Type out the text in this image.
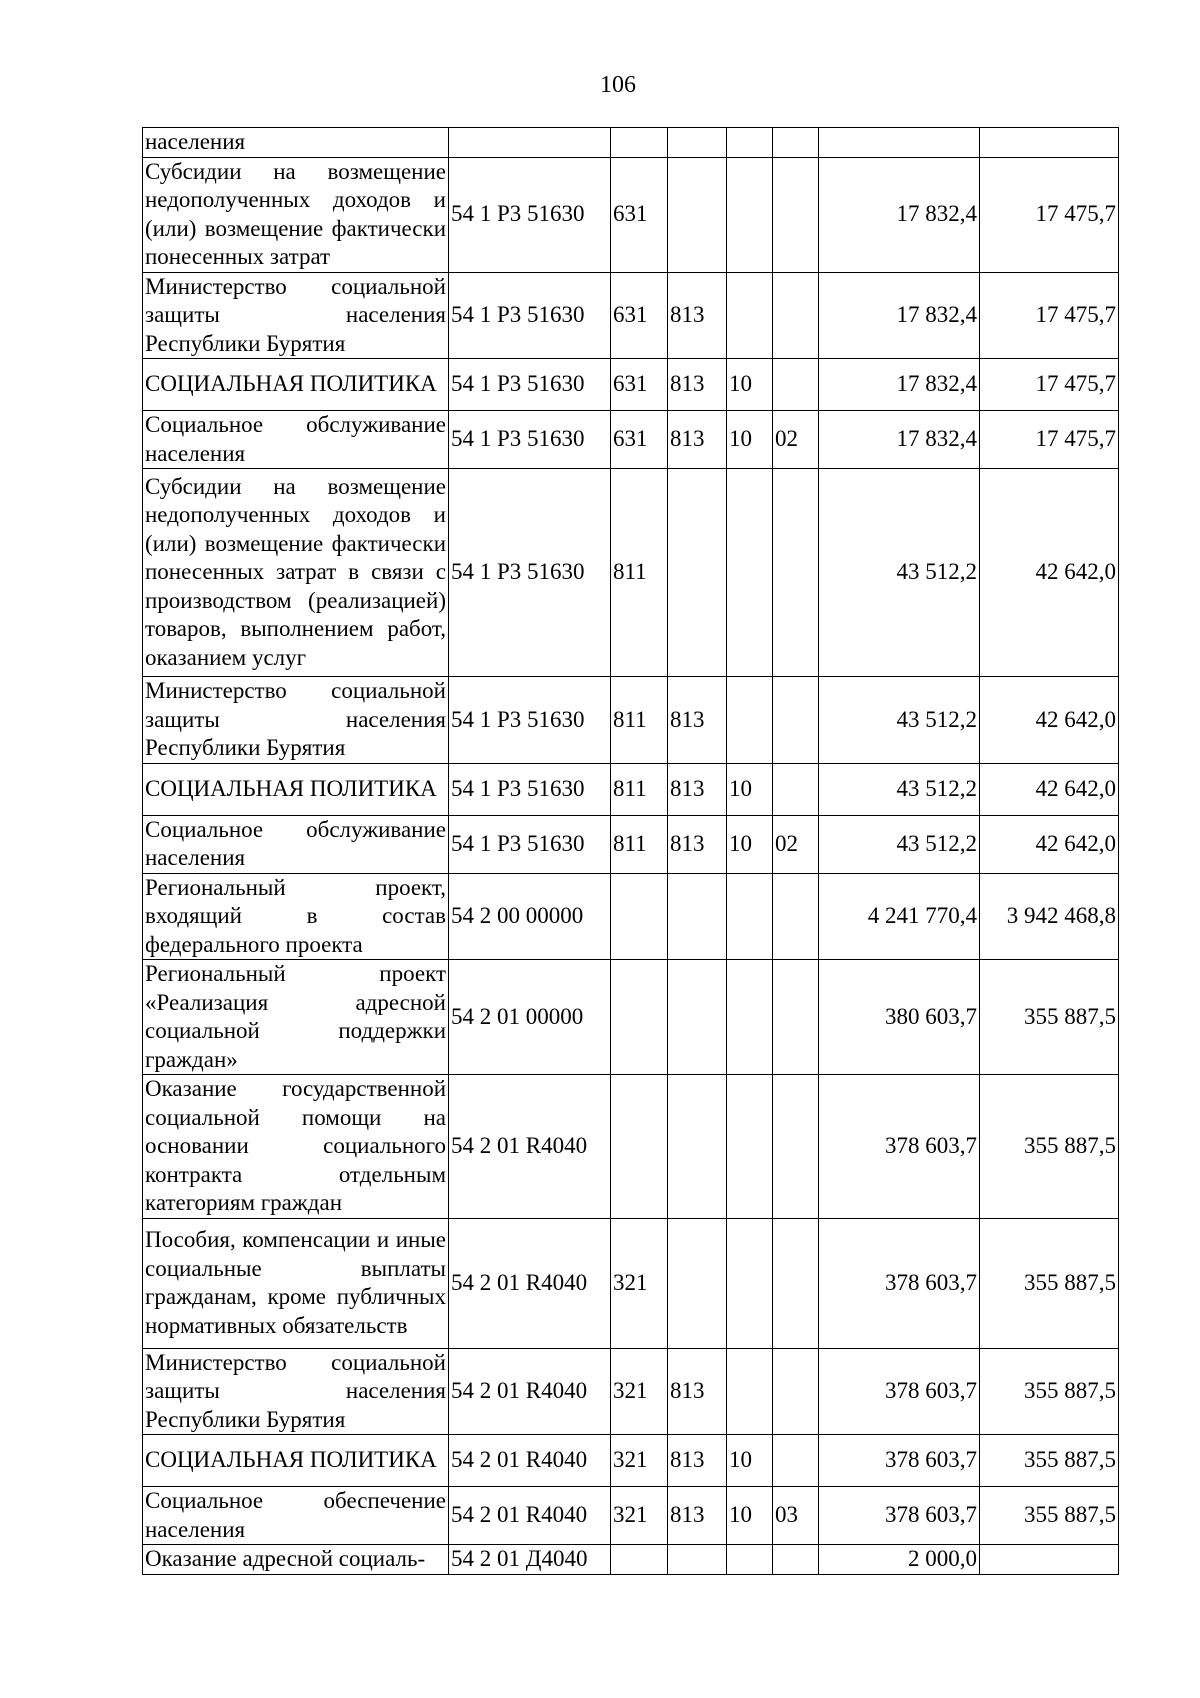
106
населения							
Субсидии на возмещение недополученных доходов и (или) возмещение фактически понесенных затрат	54 1 Р3 51630	631				17 832,4	17 475,7
Министерство социальной защиты населения Республики Бурятия	54 1 Р3 51630	631	813			17 832,4	17 475,7
СОЦИАЛЬНАЯ ПОЛИТИКА	54 1 Р3 51630	631	813	10		17 832,4	17 475,7
Социальное обслуживание населения	54 1 Р3 51630	631	813	10	02	17 832,4	17 475,7
Субсидии на возмещение недополученных доходов и (или) возмещение фактически понесенных затрат в связи с производством (реализацией) товаров, выполнением работ, оказанием услуг	54 1 Р3 51630	811				43 512,2	42 642,0
Министерство социальной защиты населения Республики Бурятия	54 1 Р3 51630	811	813			43 512,2	42 642,0
СОЦИАЛЬНАЯ ПОЛИТИКА	54 1 Р3 51630	811	813	10		43 512,2	42 642,0
Социальное обслуживание населения	54 1 Р3 51630	811	813	10	02	43 512,2	42 642,0
Региональный проект, входящий в состав федерального проекта	54 2 00 00000					4 241 770,4	3 942 468,8
Региональный проект «Реализация адресной социальной поддержки граждан»	54 2 01 00000					380 603,7	355 887,5
Оказание государственной социальной помощи на основании социального контракта отдельным категориям граждан	54 2 01 R4040					378 603,7	355 887,5
Пособия, компенсации и иные социальные выплаты гражданам, кроме публичных нормативных обязательств	54 2 01 R4040	321				378 603,7	355 887,5
Министерство социальной защиты населения Республики Бурятия	54 2 01 R4040	321	813			378 603,7	355 887,5
СОЦИАЛЬНАЯ ПОЛИТИКА	54 2 01 R4040	321	813	10		378 603,7	355 887,5
Социальное обеспечение населения	54 2 01 R4040	321	813	10	03	378 603,7	355 887,5
Оказание адресной социаль-	54 2 01 Д4040					2 000,0	
